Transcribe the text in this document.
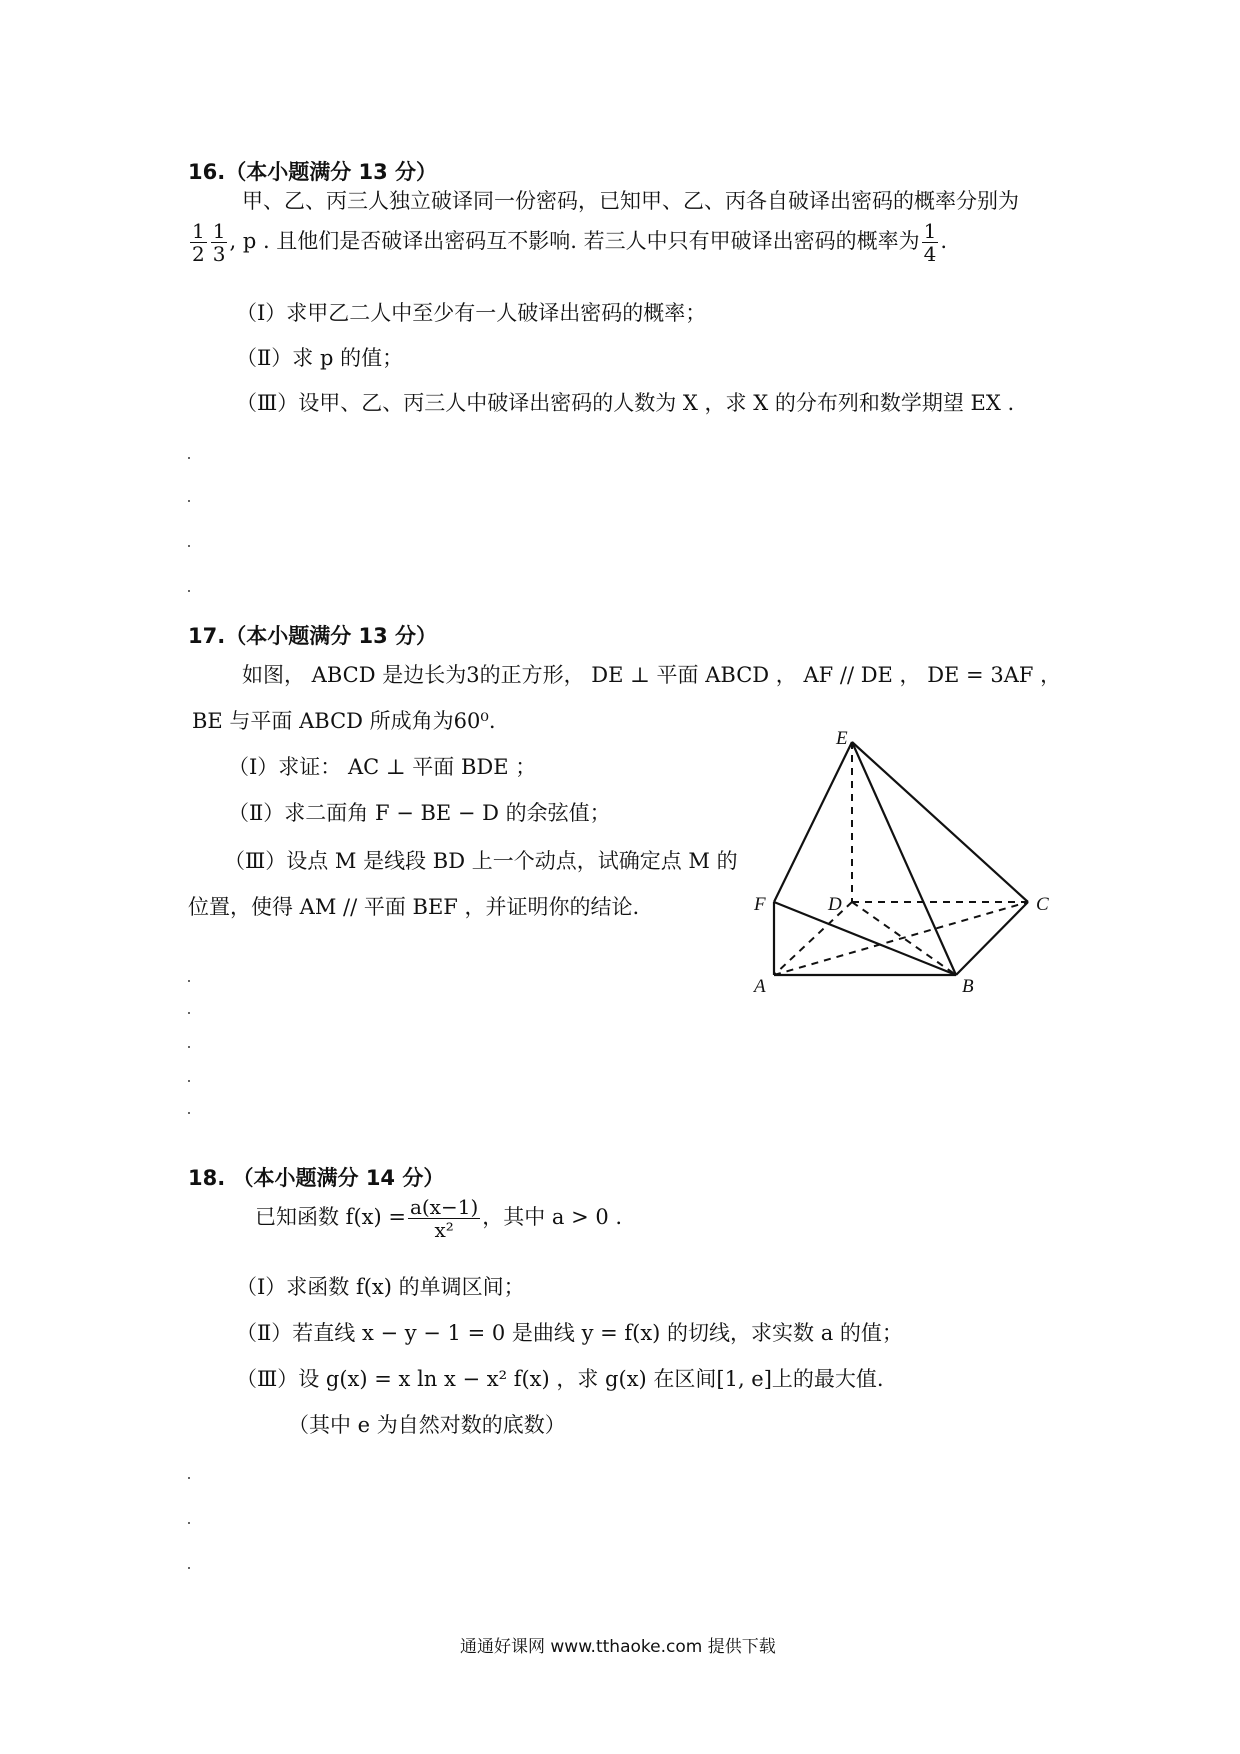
16.（本小题满分 13 分）
甲、乙、丙三人独立破译同一份密码，已知甲、乙、丙各自破译出密码的概率分别为
$\frac{1}{2} \frac{1}{3}$ , p . 且他们是否破译出密码互不影响. 若三人中只有甲破译出密码的概率为 $\frac{1}{4}$ .
（Ⅰ）求甲乙二人中至少有一人破译出密码的概率；
（Ⅱ）求 p 的值；
（Ⅲ）设甲、乙、丙三人中破译出密码的人数为 X ，求 X 的分布列和数学期望 EX .
17.（本小题满分 13 分）
如图， ABCD 是边长为3的正方形， DE ⊥ 平面 ABCD ， AF // DE ， DE = 3AF ，
BE 与平面 ABCD 所成角为60⁰.
（Ⅰ）求证： AC ⊥ 平面 BDE ；
（Ⅱ）求二面角 F − BE − D 的余弦值；
（Ⅲ）设点 M 是线段 BD 上一个动点，试确定点 M 的
位置，使得 AM // 平面 BEF ，并证明你的结论.
E
F	D	C
A	B
18. （本小题满分 14 分）
已知函数 $f(x) = \frac{a(x-1)}{\text{x²}}$ ，其中 a > 0 .
（Ⅰ）求函数 f(x) 的单调区间；
（Ⅱ）若直线 x − y − 1 = 0 是曲线 y = f(x) 的切线，求实数 a 的值；
（Ⅲ）设 g(x) = x ln x − x² f(x) ，求 g(x) 在区间[1, e]上的最大值.
（其中 e 为自然对数的底数）
通通好课网 www.tthaoke.com 提供下载
